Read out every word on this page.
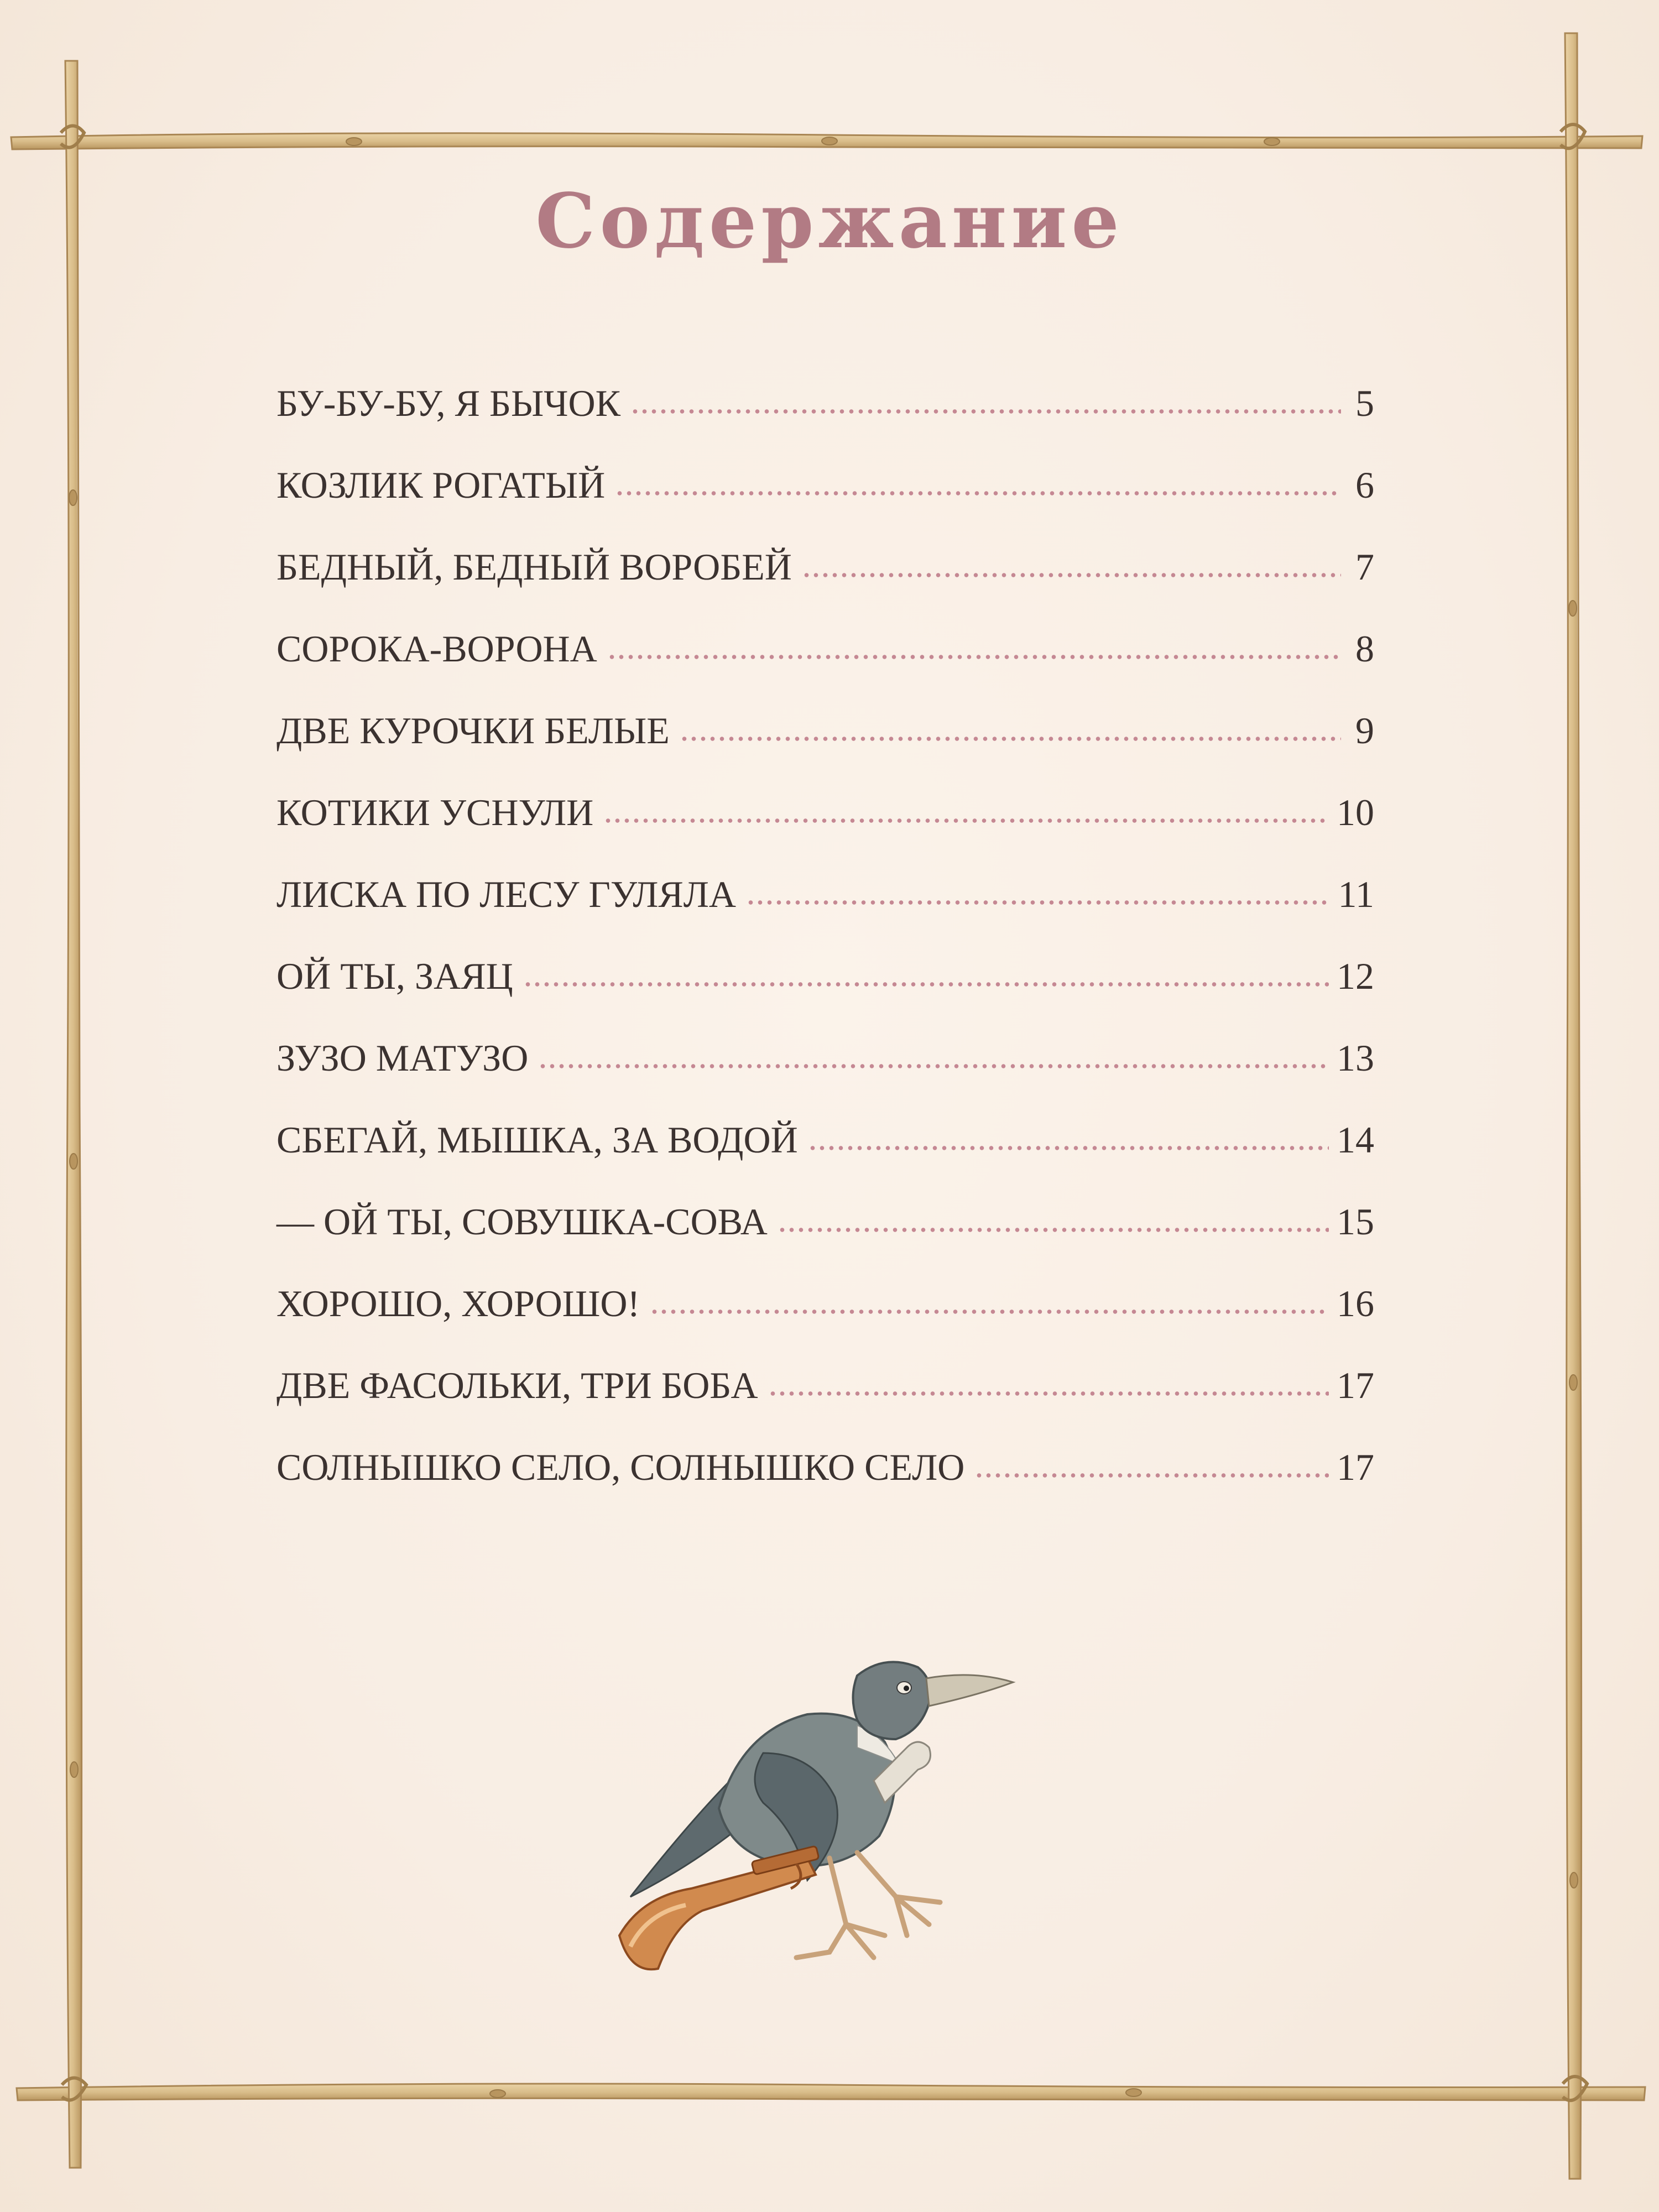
Содержание
БУ-БУ-БУ, Я БЫЧОК	5
КОЗЛИК РОГАТЫЙ	6
БЕДНЫЙ, БЕДНЫЙ ВОРОБЕЙ	7
СОРОКА-ВОРОНА	8
ДВЕ КУРОЧКИ БЕЛЫЕ	9
КОТИКИ УСНУЛИ	10
ЛИСКА ПО ЛЕСУ ГУЛЯЛА	11
ОЙ ТЫ, ЗАЯЦ	12
ЗУЗО МАТУЗО	13
СБЕГАЙ, МЫШКА, ЗА ВОДОЙ	14
— ОЙ ТЫ, СОВУШКА-СОВА	15
ХОРОШО, ХОРОШО!	16
ДВЕ ФАСОЛЬКИ, ТРИ БОБА	17
СОЛНЫШКО СЕЛО, СОЛНЫШКО СЕЛО	17
